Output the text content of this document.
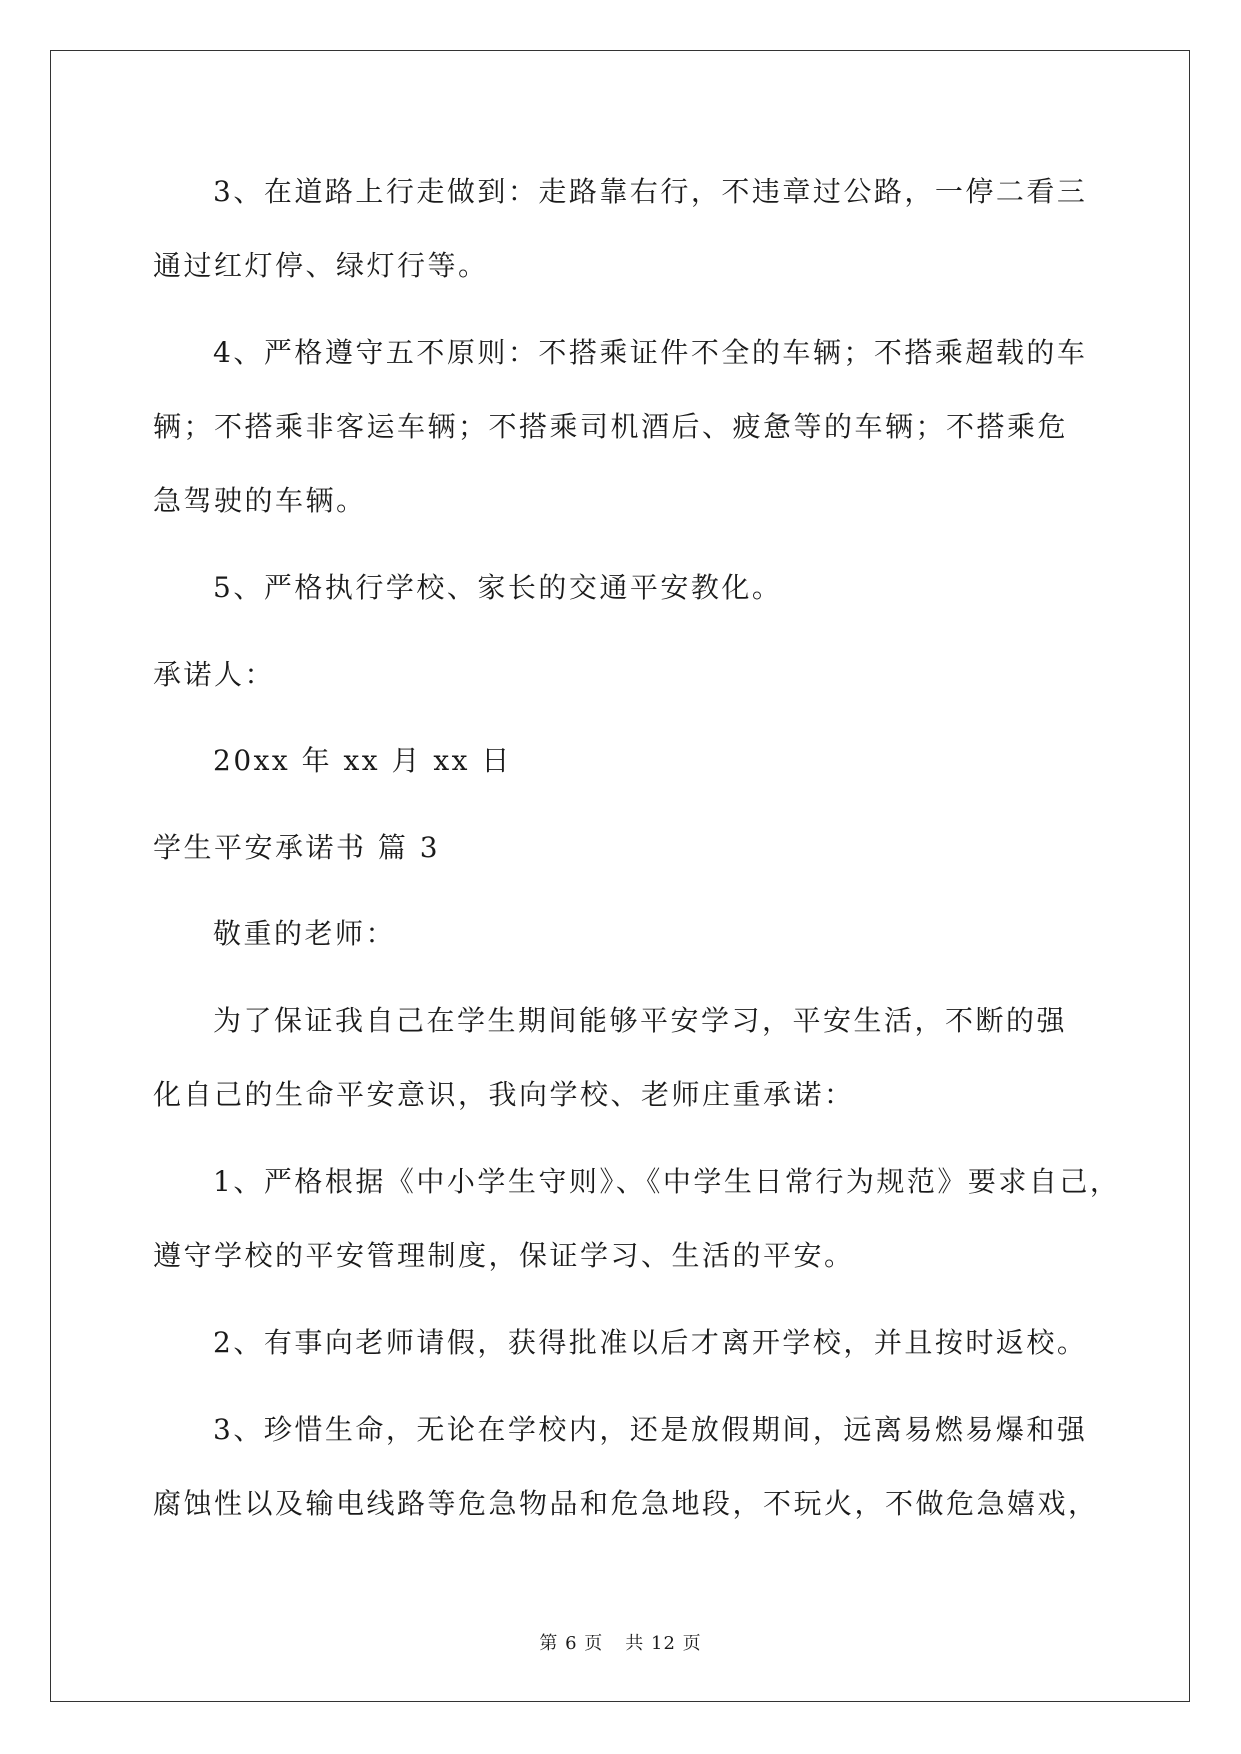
3、在道路上行走做到：走路靠右行，不违章过公路，一停二看三
通过红灯停、绿灯行等。
4、严格遵守五不原则：不搭乘证件不全的车辆；不搭乘超载的车
辆；不搭乘非客运车辆；不搭乘司机酒后、疲惫等的车辆；不搭乘危
急驾驶的车辆。
5、严格执行学校、家长的交通平安教化。
承诺人：
20xx 年 xx 月 xx 日
学生平安承诺书 篇 3
敬重的老师：
为了保证我自己在学生期间能够平安学习，平安生活，不断的强
化自己的生命平安意识，我向学校、老师庄重承诺：
1、严格根据《中小学生守则》、《中学生日常行为规范》要求自己，
遵守学校的平安管理制度，保证学习、生活的平安。
2、有事向老师请假，获得批准以后才离开学校，并且按时返校。
3、珍惜生命，无论在学校内，还是放假期间，远离易燃易爆和强
腐蚀性以及输电线路等危急物品和危急地段，不玩火，不做危急嬉戏，
第 6 页 共 12 页
